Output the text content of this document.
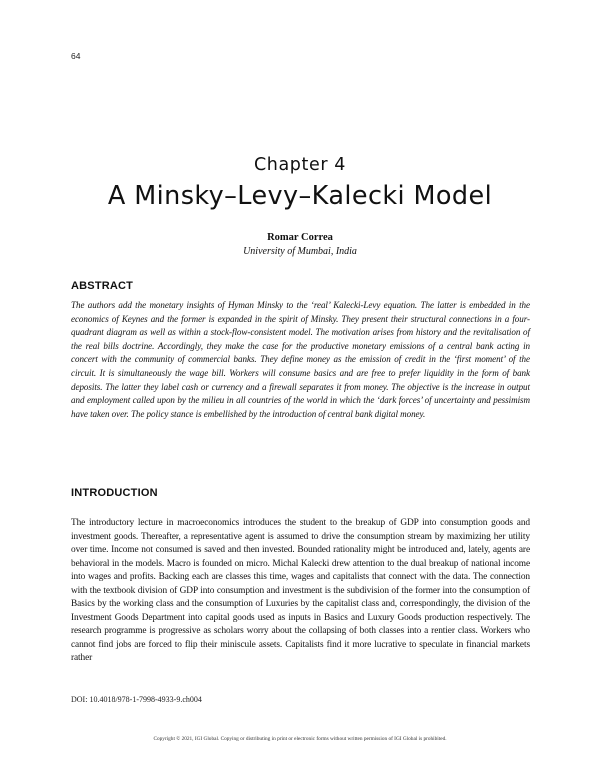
64

Chapter 4

A Minsky–Levy–Kalecki Model

Romar Correa

University of Mumbai, India

ABSTRACT

The authors add the monetary insights of Hyman Minsky to the ‘real’ Kalecki-Levy equation. The latter is embedded in the economics of Keynes and the former is expanded in the spirit of Minsky. They present their structural connections in a four-quadrant diagram as well as within a stock-flow-consistent model. The motivation arises from history and the revitalisation of the real bills doctrine. Accordingly, they make the case for the productive monetary emissions of a central bank acting in concert with the community of commercial banks. They define money as the emission of credit in the ‘first moment’ of the circuit. It is simultaneously the wage bill. Workers will consume basics and are free to prefer liquidity in the form of bank deposits. The latter they label cash or currency and a firewall separates it from money. The objective is the increase in output and employment called upon by the milieu in all countries of the world in which the ‘dark forces’ of uncertainty and pessimism have taken over. The policy stance is embellished by the introduction of central bank digital money.

INTRODUCTION

The introductory lecture in macroeconomics introduces the student to the breakup of GDP into consumption goods and investment goods. Thereafter, a representative agent is assumed to drive the consumption stream by maximizing her utility over time. Income not consumed is saved and then invested. Bounded rationality might be introduced and, lately, agents are behavioral in the models. Macro is founded on micro. Michal Kalecki drew attention to the dual breakup of national income into wages and profits. Backing each are classes this time, wages and capitalists that connect with the data. The connection with the textbook division of GDP into consumption and investment is the subdivision of the former into the consumption of Basics by the working class and the consumption of Luxuries by the capitalist class and, correspondingly, the division of the Investment Goods Department into capital goods used as inputs in Basics and Luxury Goods production respectively. The research programme is progressive as scholars worry about the collapsing of both classes into a rentier class. Workers who cannot find jobs are forced to flip their miniscule assets. Capitalists find it more lucrative to speculate in financial markets rather

DOI: 10.4018/978-1-7998-4933-9.ch004

Copyright © 2021, IGI Global. Copying or distributing in print or electronic forms without written permission of IGI Global is prohibited.
